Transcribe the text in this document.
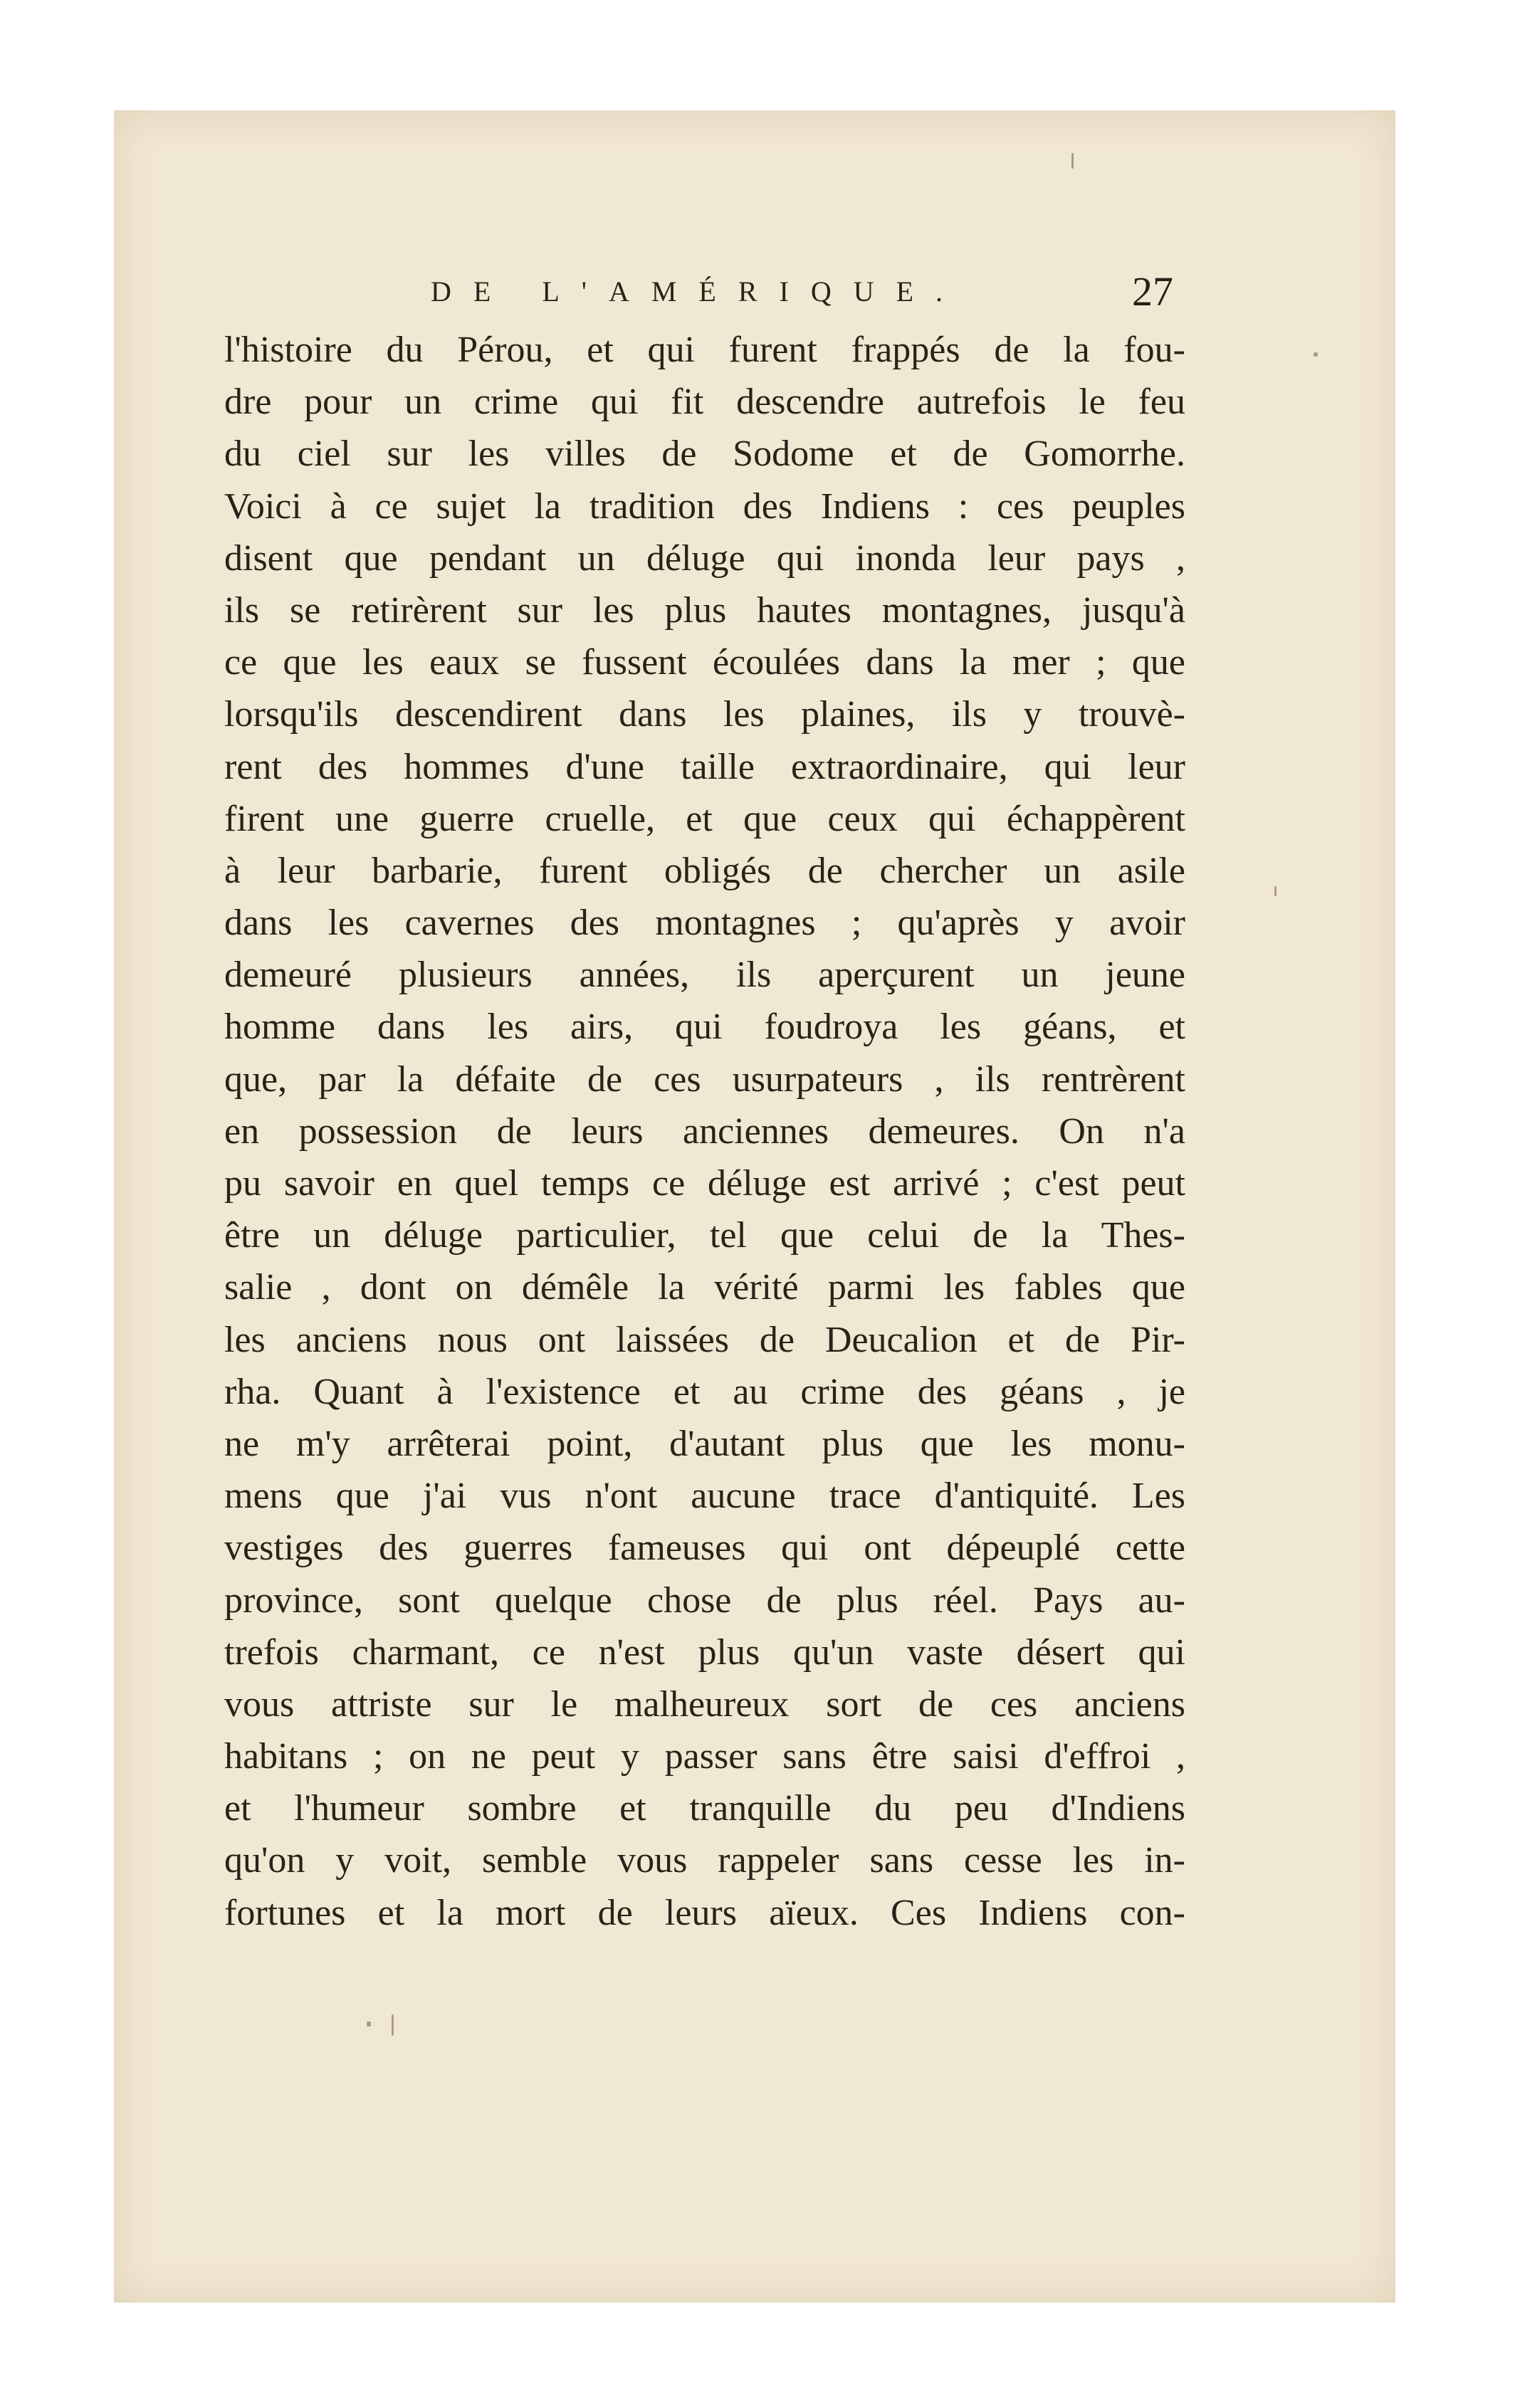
DE L'AMÉRIQUE.	27
l'histoire du Pérou, et qui furent frappés de la fou-
dre pour un crime qui fit descendre autrefois le feu
du ciel sur les villes de Sodome et de Gomorrhe.
Voici à ce sujet la tradition des Indiens : ces peuples
disent que pendant un déluge qui inonda leur pays ,
ils se retirèrent sur les plus hautes montagnes, jusqu'à
ce que les eaux se fussent écoulées dans la mer ; que
lorsqu'ils descendirent dans les plaines, ils y trouvè-
rent des hommes d'une taille extraordinaire, qui leur
firent une guerre cruelle, et que ceux qui échappèrent
à leur barbarie, furent obligés de chercher un asile
dans les cavernes des montagnes ; qu'après y avoir
demeuré plusieurs années, ils aperçurent un jeune
homme dans les airs, qui foudroya les géans, et
que, par la défaite de ces usurpateurs , ils rentrèrent
en possession de leurs anciennes demeures. On n'a
pu savoir en quel temps ce déluge est arrivé ; c'est peut
être un déluge particulier, tel que celui de la Thes-
salie , dont on démêle la vérité parmi les fables que
les anciens nous ont laissées de Deucalion et de Pir-
rha. Quant à l'existence et au crime des géans , je
ne m'y arrêterai point, d'autant plus que les monu-
mens que j'ai vus n'ont aucune trace d'antiquité. Les
vestiges des guerres fameuses qui ont dépeuplé cette
province, sont quelque chose de plus réel. Pays au-
trefois charmant, ce n'est plus qu'un vaste désert qui
vous attriste sur le malheureux sort de ces anciens
habitans ; on ne peut y passer sans être saisi d'effroi ,
et l'humeur sombre et tranquille du peu d'Indiens
qu'on y voit, semble vous rappeler sans cesse les in-
fortunes et la mort de leurs aïeux. Ces Indiens con-
